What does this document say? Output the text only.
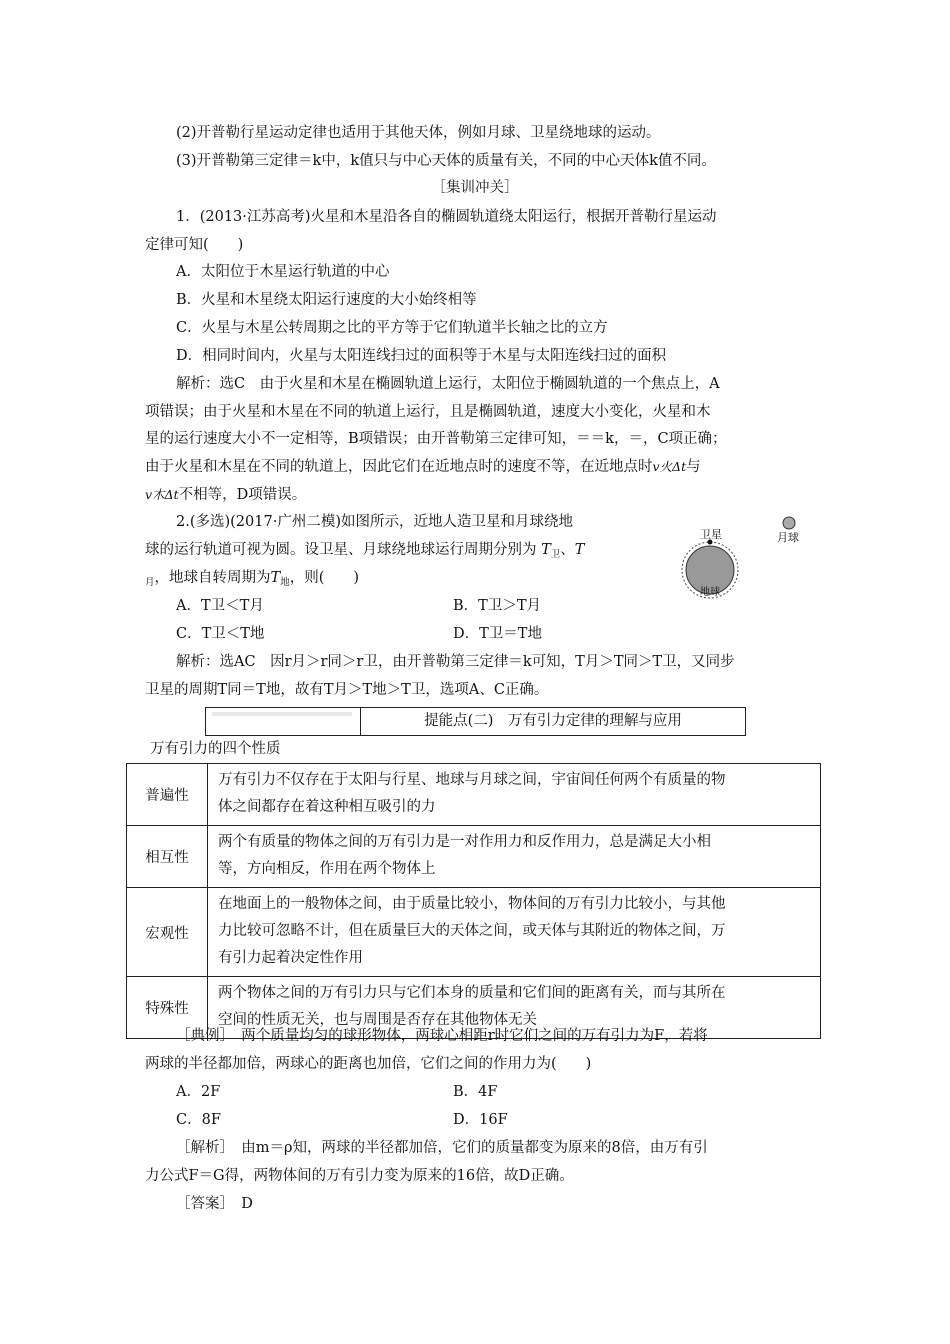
(2)开普勒行星运动定律也适用于其他天体，例如月球、卫星绕地球的运动。
(3)开普勒第三定律＝k中，k值只与中心天体的质量有关，不同的中心天体k值不同。
［集训冲关］
1．(2013·江苏高考)火星和木星沿各自的椭圆轨道绕太阳运行，根据开普勒行星运动
定律可知(　　)
A．太阳位于木星运行轨道的中心
B．火星和木星绕太阳运行速度的大小始终相等
C．火星与木星公转周期之比的平方等于它们轨道半长轴之比的立方
D．相同时间内，火星与太阳连线扫过的面积等于木星与太阳连线扫过的面积
解析：选C　由于火星和木星在椭圆轨道上运行，太阳位于椭圆轨道的一个焦点上，A
项错误；由于火星和木星在不同的轨道上运行，且是椭圆轨道，速度大小变化，火星和木
星的运行速度大小不一定相等，B项错误；由开普勒第三定律可知，＝＝k，＝，C项正确；
由于火星和木星在不同的轨道上，因此它们在近地点时的速度不等，在近地点时v火Δt与
v木Δt不相等，D项错误。
2.(多选)(2017·广州二模)如图所示，近地人造卫星和月球绕地
球的运行轨道可视为圆。设卫星、月球绕地球运行周期分别为 $T_卫$、T
$_月$，地球自转周期为$T_地$，则(　　)
A．T卫＜T月	B．T卫＞T月
C．T卫＜T地	D．T卫＝T地
解析：选AC　因r月＞r同＞r卫，由开普勒第三定律＝k可知，T月＞T同＞T卫，又同步
卫星的周期T同＝T地，故有T月＞T地＞T卫，选项A、C正确。
卫星	月球
地球
提能点(二)　万有引力定律的理解与应用
万有引力的四个性质
普遍性	万有引力不仅存在于太阳与行星、地球与月球之间，宇宙间任何两个有质量的物
体之间都存在着这种相互吸引的力

相互性	两个有质量的物体之间的万有引力是一对作用力和反作用力，总是满足大小相
等，方向相反，作用在两个物体上

宏观性	在地面上的一般物体之间，由于质量比较小，物体间的万有引力比较小，与其他
力比较可忽略不计，但在质量巨大的天体之间，或天体与其附近的物体之间，万
有引力起着决定性作用

特殊性	两个物体之间的万有引力只与它们本身的质量和它们间的距离有关，而与其所在
空间的性质无关，也与周围是否存在其他物体无关
［典例］　两个质量均匀的球形物体，两球心相距r时它们之间的万有引力为F，若将
两球的半径都加倍，两球心的距离也加倍，它们之间的作用力为(　　)
A．2F	B．4F
C．8F	D．16F
［解析］　由m＝ρ知，两球的半径都加倍，它们的质量都变为原来的8倍，由万有引
力公式F＝G得，两物体间的万有引力变为原来的16倍，故D正确。
［答案］　D
